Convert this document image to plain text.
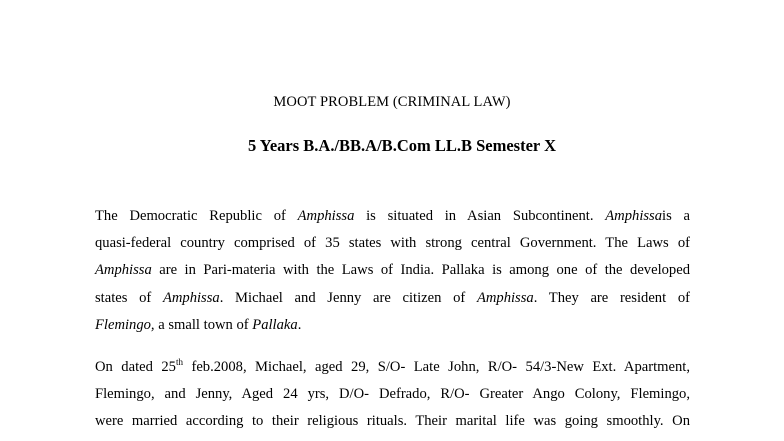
MOOT PROBLEM (CRIMINAL LAW)
5 Years B.A./BB.A/B.Com LL.B Semester X
The Democratic Republic of Amphissa is situated in Asian Subcontinent. Amphissais a
quasi-federal country comprised of 35 states with strong central Government. The Laws of
Amphissa are in Pari-materia with the Laws of India. Pallaka is among one of the developed
states of Amphissa. Michael and Jenny are citizen of Amphissa. They are resident of
Flemingo, a small town of Pallaka.
On dated 25th feb.2008, Michael, aged 29, S/O- Late John, R/O- 54/3-New Ext. Apartment,
Flemingo, and Jenny, Aged 24 yrs, D/O- Defrado, R/O- Greater Ango Colony, Flemingo,
were married according to their religious rituals. Their marital life was going smoothly. On
